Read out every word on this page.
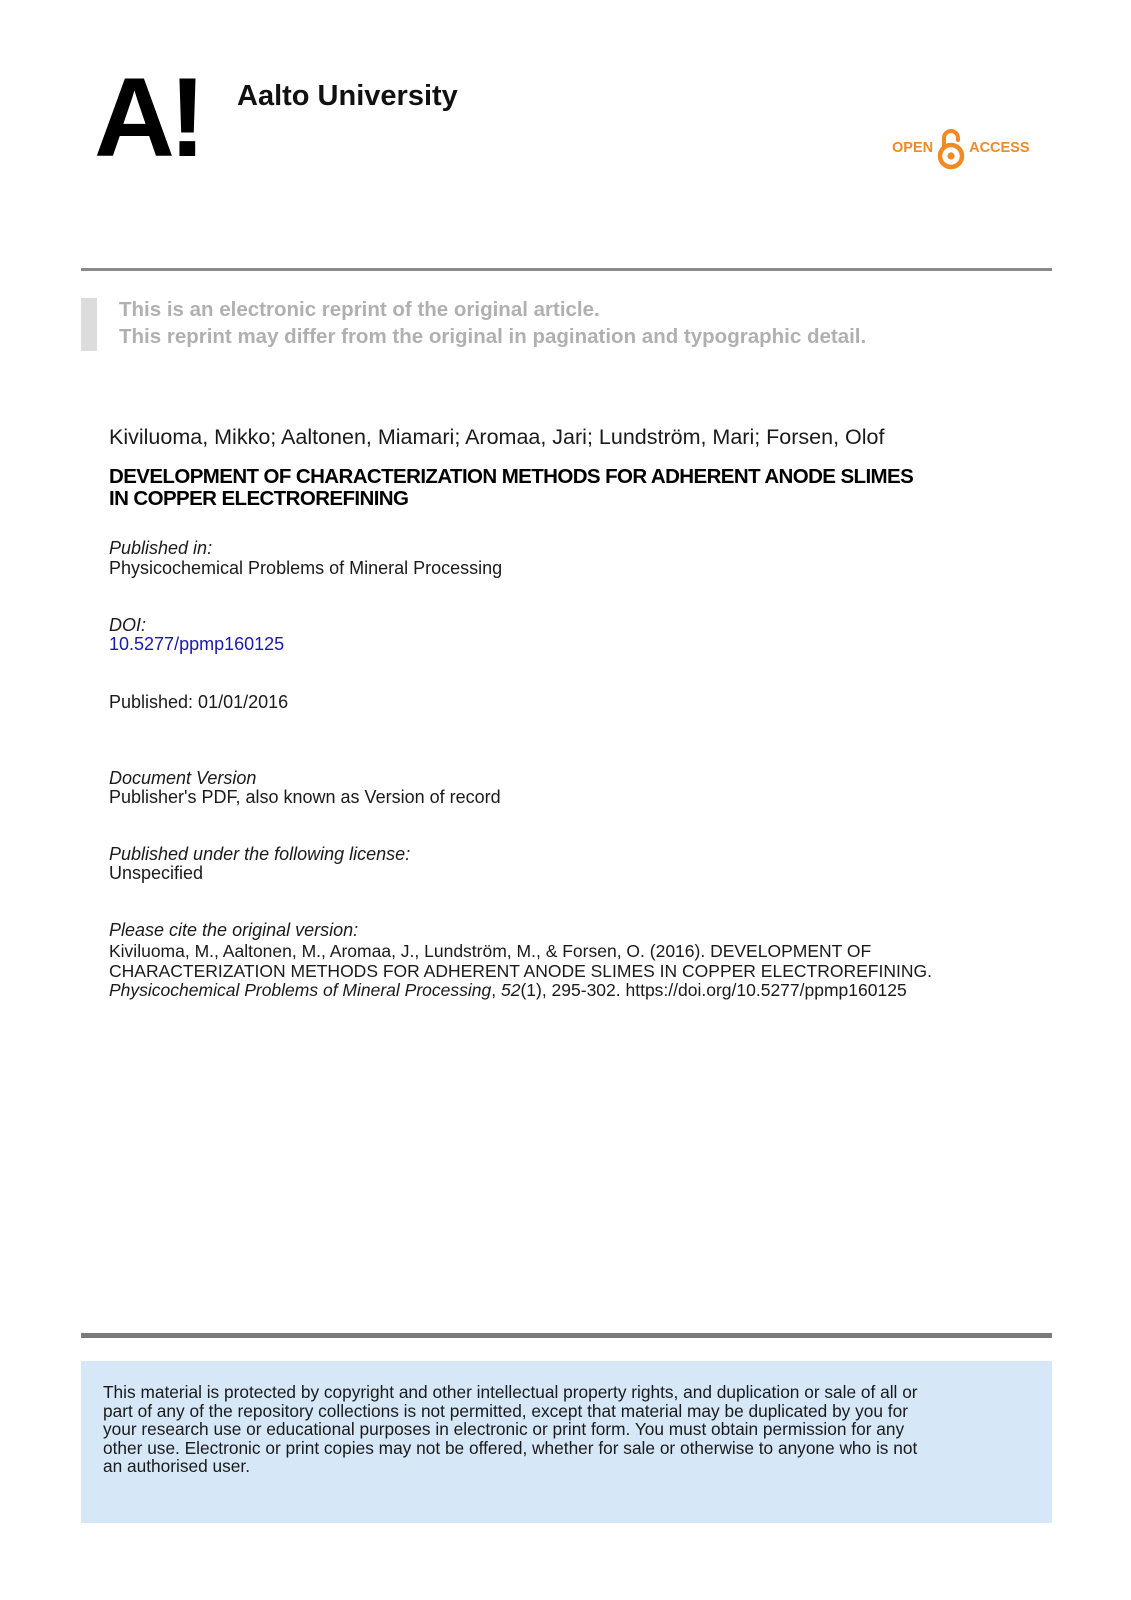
A! Aalto University
OPEN ACCESS
This is an electronic reprint of the original article.
This reprint may differ from the original in pagination and typographic detail.
Kiviluoma, Mikko; Aaltonen, Miamari; Aromaa, Jari; Lundström, Mari; Forsen, Olof
DEVELOPMENT OF CHARACTERIZATION METHODS FOR ADHERENT ANODE SLIMES
IN COPPER ELECTROREFINING
Published in:
Physicochemical Problems of Mineral Processing
DOI:
10.5277/ppmp160125
Published: 01/01/2016
Document Version
Publisher's PDF, also known as Version of record
Published under the following license:
Unspecified
Please cite the original version:
Kiviluoma, M., Aaltonen, M., Aromaa, J., Lundström, M., & Forsen, O. (2016). DEVELOPMENT OF
CHARACTERIZATION METHODS FOR ADHERENT ANODE SLIMES IN COPPER ELECTROREFINING.
Physicochemical Problems of Mineral Processing, 52(1), 295-302. https://doi.org/10.5277/ppmp160125
This material is protected by copyright and other intellectual property rights, and duplication or sale of all or
part of any of the repository collections is not permitted, except that material may be duplicated by you for
your research use or educational purposes in electronic or print form. You must obtain permission for any
other use. Electronic or print copies may not be offered, whether for sale or otherwise to anyone who is not
an authorised user.
